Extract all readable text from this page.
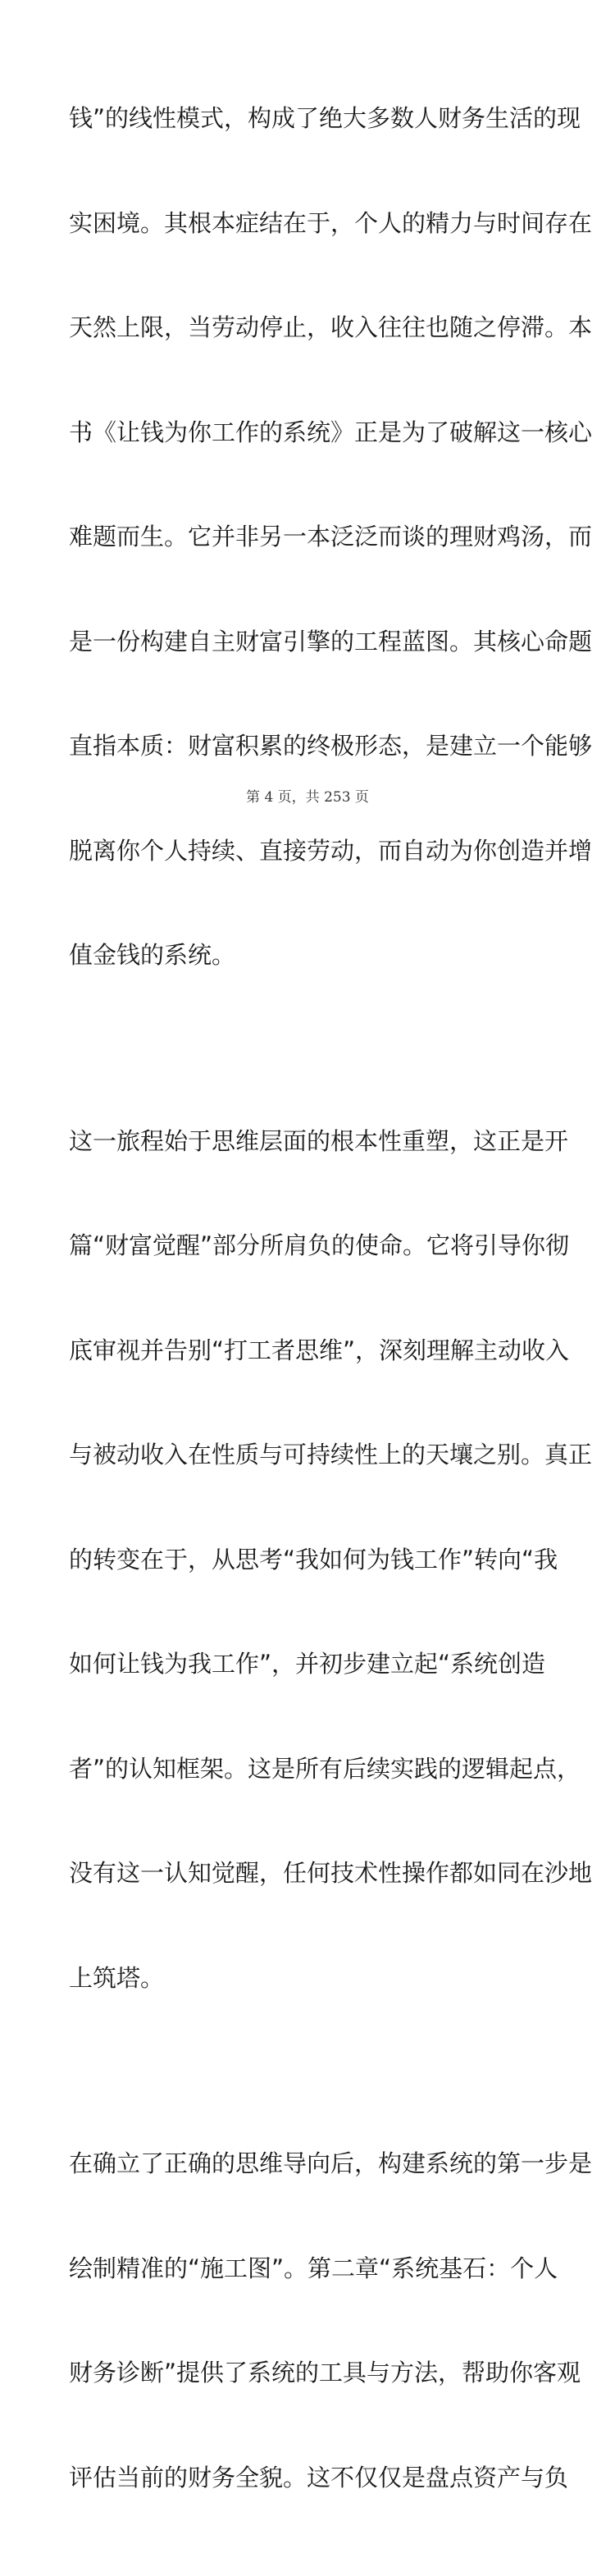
钱”的线性模式，构成了绝大多数人财务生活的现

实困境。其根本症结在于，个人的精力与时间存在

天然上限，当劳动停止，收入往往也随之停滞。本

书《让钱为你工作的系统》正是为了破解这一核心

难题而生。它并非另一本泛泛而谈的理财鸡汤，而

是一份构建自主财富引擎的工程蓝图。其核心命题

直指本质：财富积累的终极形态，是建立一个能够

脱离你个人持续、直接劳动，而自动为你创造并增

值金钱的系统。

这一旅程始于思维层面的根本性重塑，这正是开

篇“财富觉醒”部分所肩负的使命。它将引导你彻

底审视并告别“打工者思维”，深刻理解主动收入

与被动收入在性质与可持续性上的天壤之别。真正

的转变在于，从思考“我如何为钱工作”转向“我

如何让钱为我工作”，并初步建立起“系统创造

者”的认知框架。这是所有后续实践的逻辑起点，

没有这一认知觉醒，任何技术性操作都如同在沙地

上筑塔。

在确立了正确的思维导向后，构建系统的第一步是

绘制精准的“施工图”。第二章“系统基石：个人

财务诊断”提供了系统的工具与方法，帮助你客观

评估当前的财务全貌。这不仅仅是盘点资产与负

第 4 页，共 253 页
